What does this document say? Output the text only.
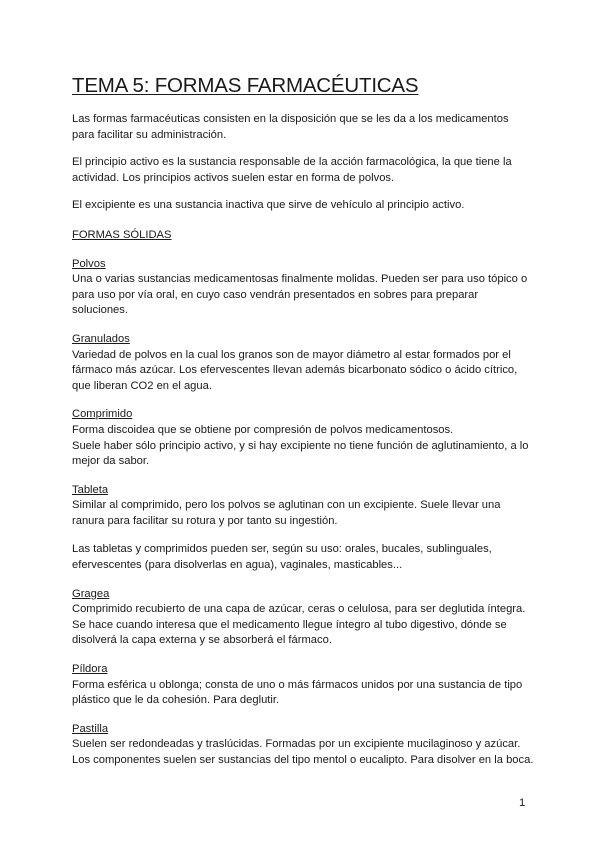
TEMA 5: FORMAS FARMACÉUTICAS

Las formas farmacéuticas consisten en la disposición que se les da a los medicamentos para facilitar su administración.

El principio activo es la sustancia responsable de la acción farmacológica, la que tiene la actividad. Los principios activos suelen estar en forma de polvos.

El excipiente es una sustancia inactiva que sirve de vehículo al principio activo.

FORMAS SÓLIDAS

Polvos

Una o varias sustancias medicamentosas finalmente molidas. Pueden ser para uso tópico o para uso por vía oral, en cuyo caso vendrán presentados en sobres para preparar soluciones.

Granulados

Variedad de polvos en la cual los granos son de mayor diámetro al estar formados por el fármaco más azúcar. Los efervescentes llevan además bicarbonato sódico o ácido cítrico, que liberan CO2 en el agua.

Comprimido

Forma discoidea que se obtiene por compresión de polvos medicamentosos.

Suele haber sólo principio activo, y si hay excipiente no tiene función de aglutinamiento, a lo mejor da sabor.

Tableta

Similar al comprimido, pero los polvos se aglutinan con un excipiente. Suele llevar una ranura para facilitar su rotura y por tanto su ingestión.

Las tabletas y comprimidos pueden ser, según su uso: orales, bucales, sublinguales, efervescentes (para disolverlas en agua), vaginales, masticables...

Gragea

Comprimido recubierto de una capa de azúcar, ceras o celulosa, para ser deglutida íntegra. Se hace cuando interesa que el medicamento llegue íntegro al tubo digestivo, dónde se disolverá la capa externa y se absorberá el fármaco.

Píldora

Forma esférica u oblonga; consta de uno o más fármacos unidos por una sustancia de tipo plástico que le da cohesión. Para deglutir.

Pastilla

Suelen ser redondeadas y traslúcidas. Formadas por un excipiente mucilaginoso y azúcar. Los componentes suelen ser sustancias del tipo mentol o eucalipto. Para disolver en la boca.

1
